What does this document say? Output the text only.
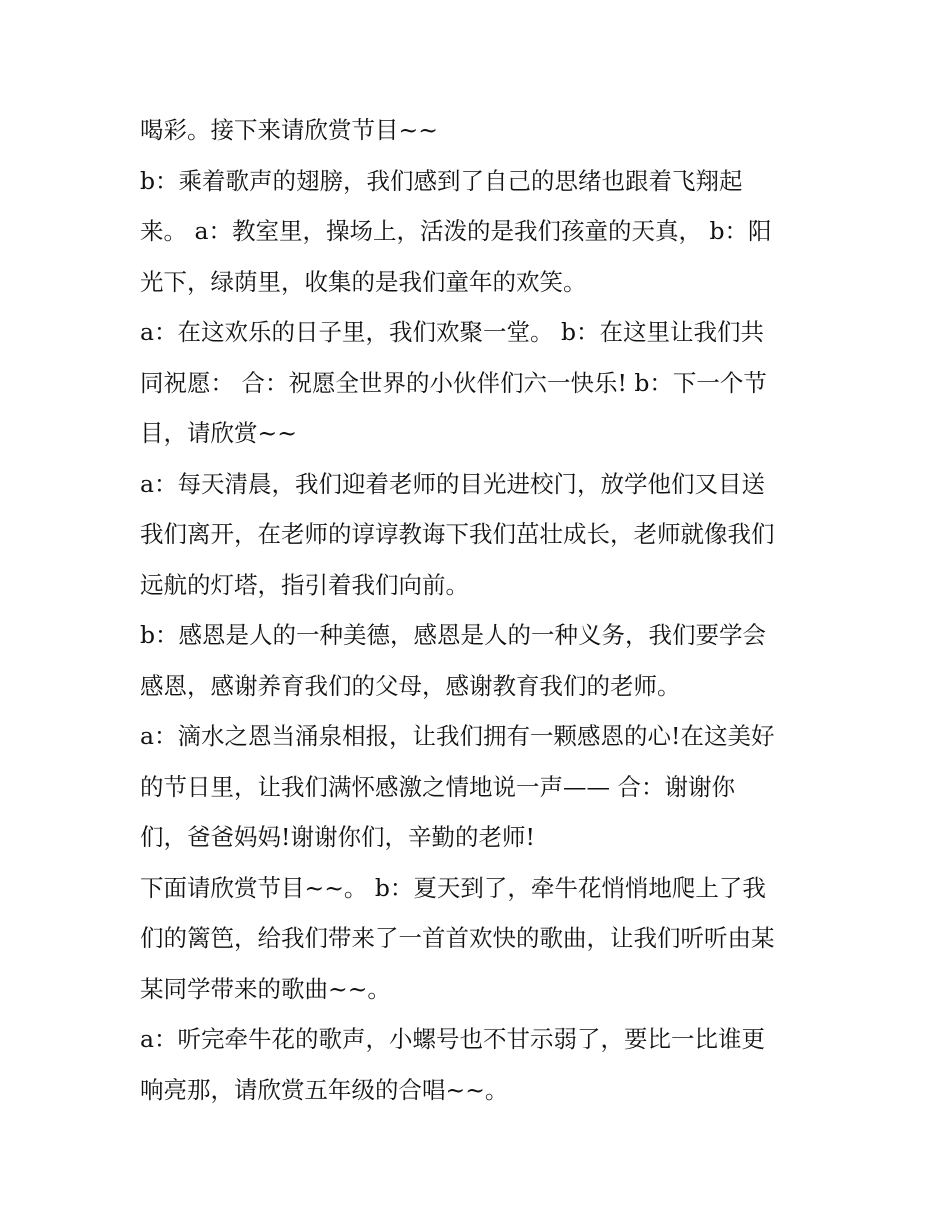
喝彩。接下来请欣赏节目~~
b：乘着歌声的翅膀，我们感到了自己的思绪也跟着飞翔起
来。 a：教室里，操场上，活泼的是我们孩童的天真， b：阳
光下，绿荫里，收集的是我们童年的欢笑。
a：在这欢乐的日子里，我们欢聚一堂。 b：在这里让我们共
同祝愿： 合：祝愿全世界的小伙伴们六一快乐! b：下一个节
目，请欣赏~~
a：每天清晨，我们迎着老师的目光进校门，放学他们又目送
我们离开，在老师的谆谆教诲下我们茁壮成长，老师就像我们
远航的灯塔，指引着我们向前。
b：感恩是人的一种美德，感恩是人的一种义务，我们要学会
感恩，感谢养育我们的父母，感谢教育我们的老师。
a：滴水之恩当涌泉相报，让我们拥有一颗感恩的心!在这美好
的节日里，让我们满怀感激之情地说一声—— 合：谢谢你
们，爸爸妈妈!谢谢你们，辛勤的老师!
下面请欣赏节目~~。 b：夏天到了，牵牛花悄悄地爬上了我
们的篱笆，给我们带来了一首首欢快的歌曲，让我们听听由某
某同学带来的歌曲~~。
a：听完牵牛花的歌声，小螺号也不甘示弱了，要比一比谁更
响亮那，请欣赏五年级的合唱~~。
